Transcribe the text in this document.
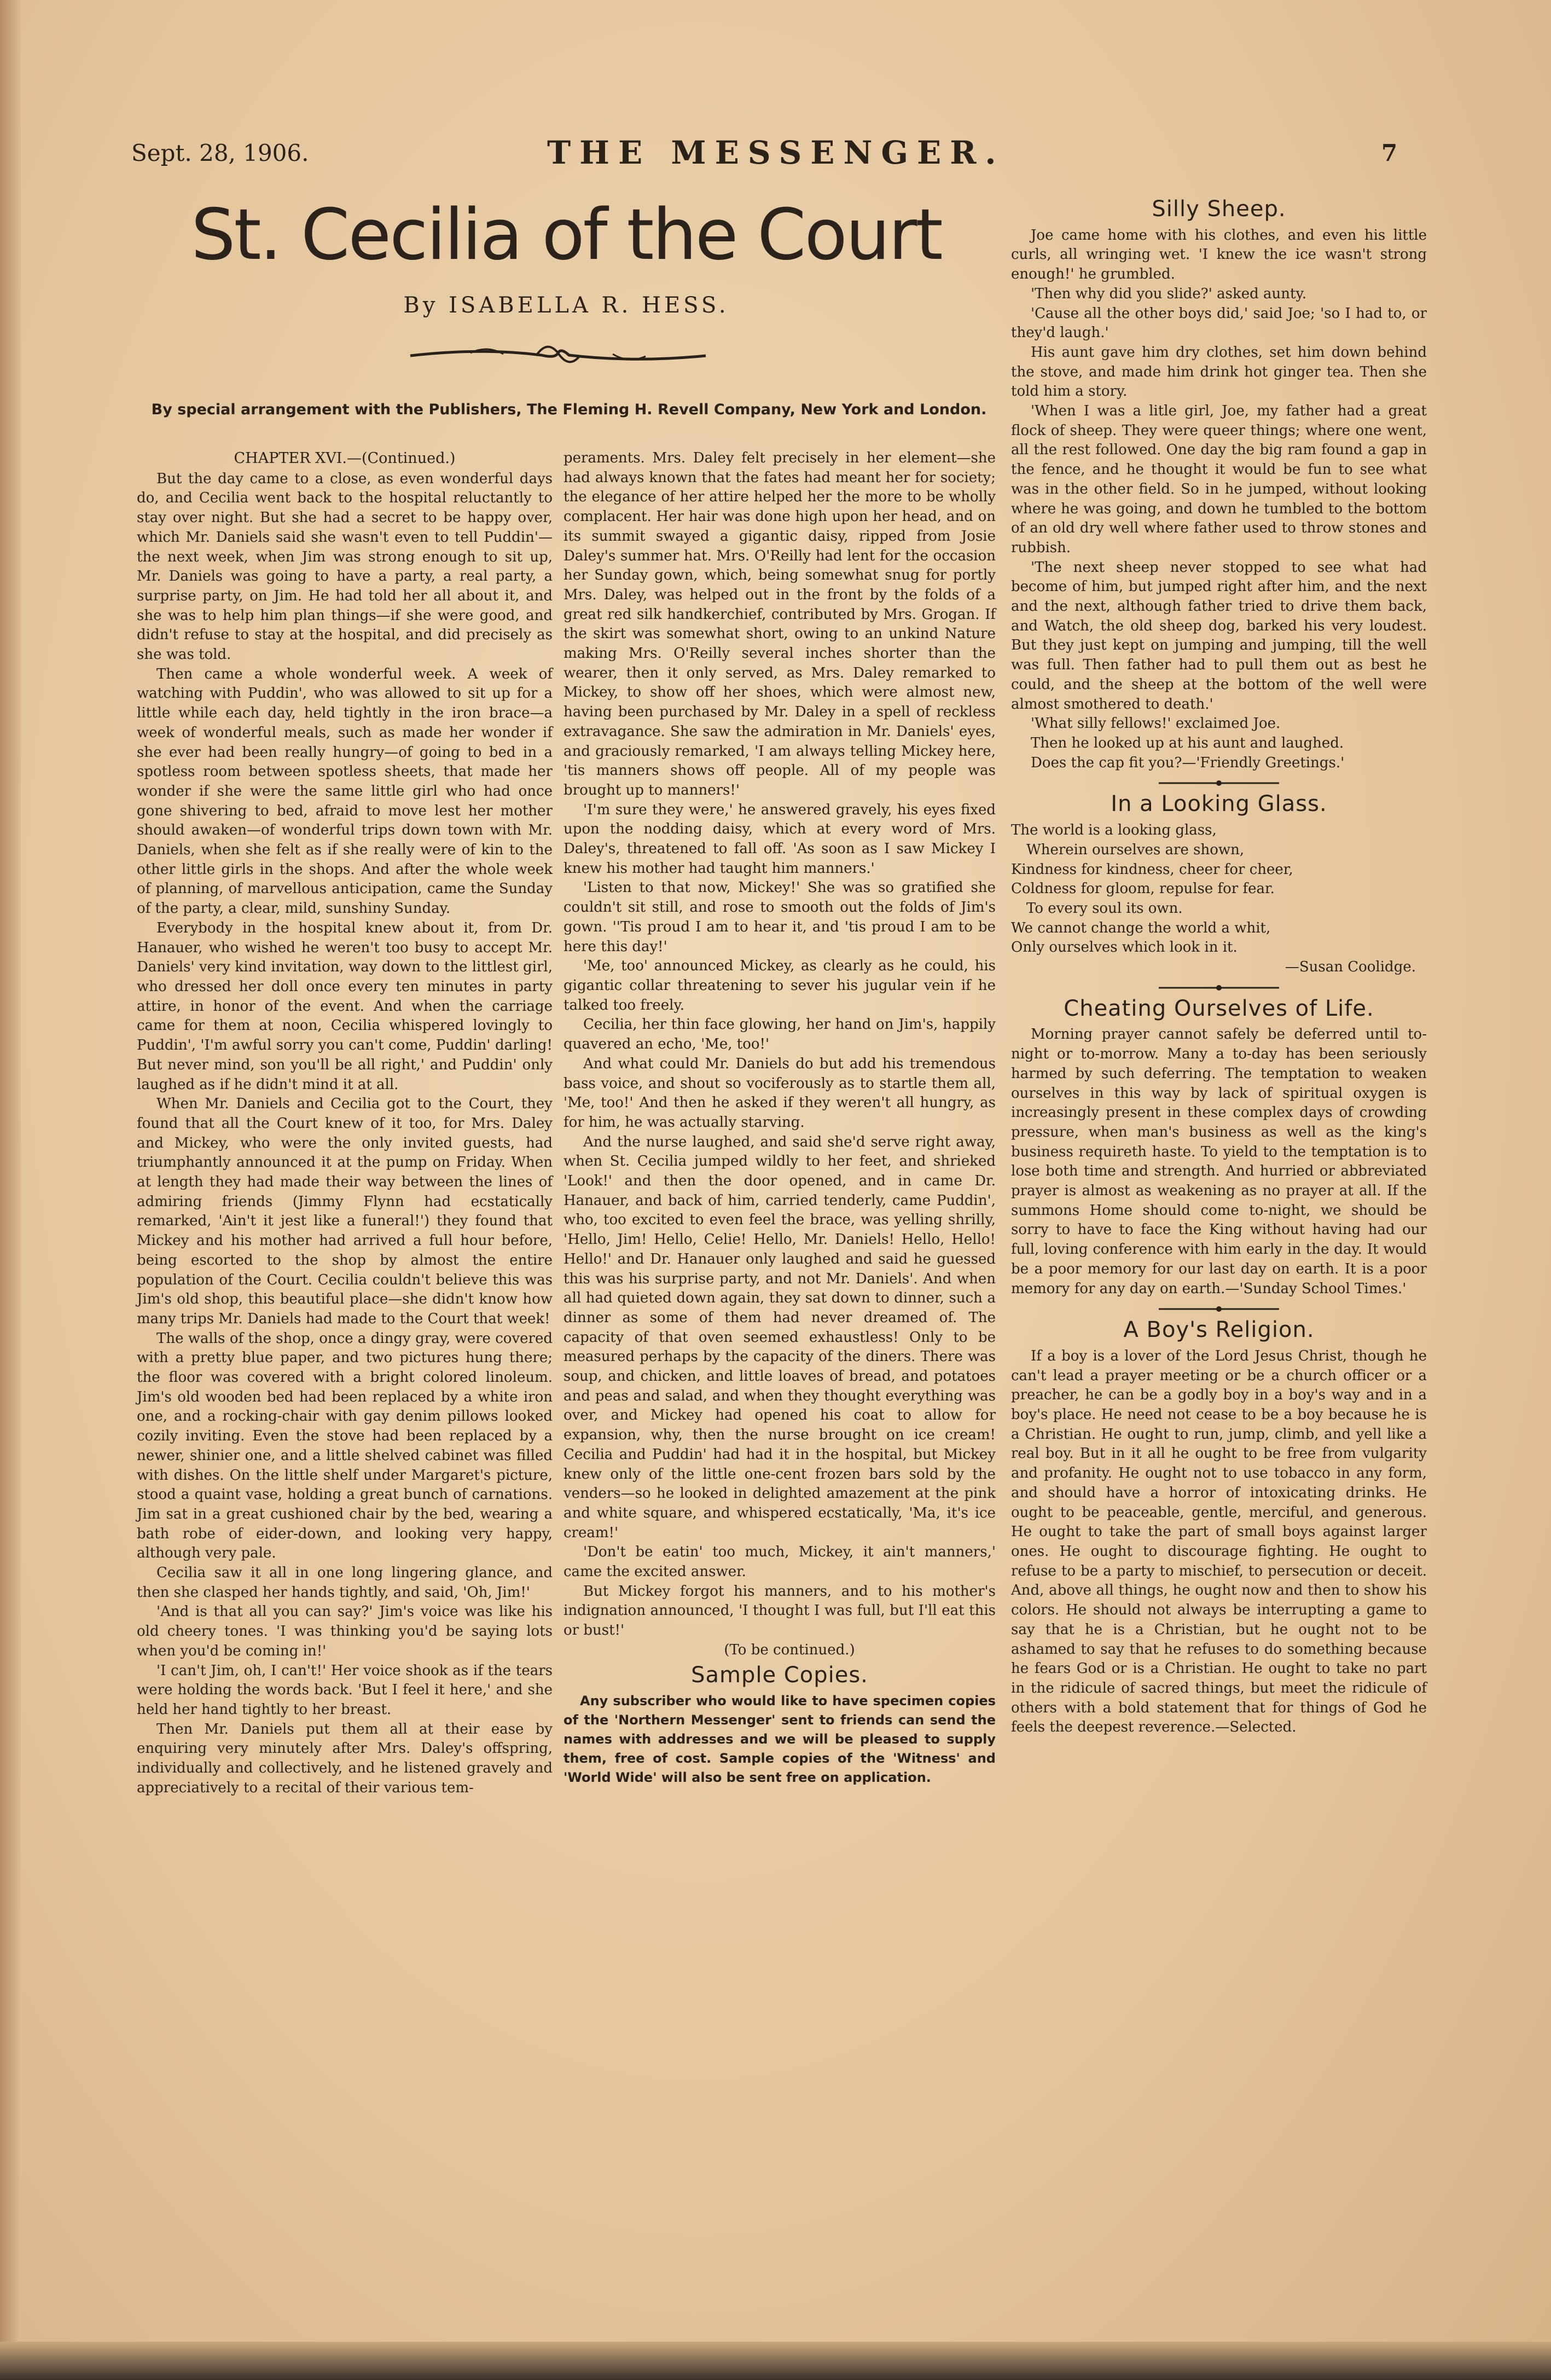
Sept. 28, 1906.	THE MESSENGER.	7
St. Cecilia of the Court
By ISABELLA R. HESS.
By special arrangement with the Publishers, The Fleming H. Revell Company, New York and London.

CHAPTER XVI.—(Continued.)

But the day came to a close, as even wonderful days do, and Cecilia went back to the hospital reluctantly to stay over night. But she had a secret to be happy over, which Mr. Daniels said she wasn't even to tell Puddin'—the next week, when Jim was strong enough to sit up, Mr. Daniels was going to have a party, a real party, a surprise party, on Jim. He had told her all about it, and she was to help him plan things—if she were good, and didn't refuse to stay at the hospital, and did precisely as she was told.

Then came a whole wonderful week. A week of watching with Puddin', who was allowed to sit up for a little while each day, held tightly in the iron brace—a week of wonderful meals, such as made her wonder if she ever had been really hungry—of going to bed in a spotless room between spotless sheets, that made her wonder if she were the same little girl who had once gone shivering to bed, afraid to move lest her mother should awaken—of wonderful trips down town with Mr. Daniels, when she felt as if she really were of kin to the other little girls in the shops. And after the whole week of planning, of marvellous anticipation, came the Sunday of the party, a clear, mild, sunshiny Sunday.

Everybody in the hospital knew about it, from Dr. Hanauer, who wished he weren't too busy to accept Mr. Daniels' very kind invitation, way down to the littlest girl, who dressed her doll once every ten minutes in party attire, in honor of the event. And when the carriage came for them at noon, Cecilia whispered lovingly to Puddin', 'I'm awful sorry you can't come, Puddin' darling! But never mind, son you'll be all right,' and Puddin' only laughed as if he didn't mind it at all.

When Mr. Daniels and Cecilia got to the Court, they found that all the Court knew of it too, for Mrs. Daley and Mickey, who were the only invited guests, had triumphantly announced it at the pump on Friday. When at length they had made their way between the lines of admiring friends (Jimmy Flynn had ecstatically remarked, 'Ain't it jest like a funeral!') they found that Mickey and his mother had arrived a full hour before, being escorted to the shop by almost the entire population of the Court. Cecilia couldn't believe this was Jim's old shop, this beautiful place—she didn't know how many trips Mr. Daniels had made to the Court that week!

The walls of the shop, once a dingy gray, were covered with a pretty blue paper, and two pictures hung there; the floor was covered with a bright colored linoleum. Jim's old wooden bed had been replaced by a white iron one, and a rocking-chair with gay denim pillows looked cozily inviting. Even the stove had been replaced by a newer, shinier one, and a little shelved cabinet was filled with dishes. On the little shelf under Margaret's picture, stood a quaint vase, holding a great bunch of carnations. Jim sat in a great cushioned chair by the bed, wearing a bath robe of eider-down, and looking very happy, although very pale.

Cecilia saw it all in one long lingering glance, and then she clasped her hands tightly, and said, 'Oh, Jim!'

'And is that all you can say?' Jim's voice was like his old cheery tones. 'I was thinking you'd be saying lots when you'd be coming in!'

'I can't Jim, oh, I can't!' Her voice shook as if the tears were holding the words back. 'But I feel it here,' and she held her hand tightly to her breast.

Then Mr. Daniels put them all at their ease by enquiring very minutely after Mrs. Daley's offspring, individually and collectively, and he listened gravely and appreciatively to a recital of their various tem-

peraments. Mrs. Daley felt precisely in her element—she had always known that the fates had meant her for society; the elegance of her attire helped her the more to be wholly complacent. Her hair was done high upon her head, and on its summit swayed a gigantic daisy, ripped from Josie Daley's summer hat. Mrs. O'Reilly had lent for the occasion her Sunday gown, which, being somewhat snug for portly Mrs. Daley, was helped out in the front by the folds of a great red silk handkerchief, contributed by Mrs. Grogan. If the skirt was somewhat short, owing to an unkind Nature making Mrs. O'Reilly several inches shorter than the wearer, then it only served, as Mrs. Daley remarked to Mickey, to show off her shoes, which were almost new, having been purchased by Mr. Daley in a spell of reckless extravagance. She saw the admiration in Mr. Daniels' eyes, and graciously remarked, 'I am always telling Mickey here, 'tis manners shows off people. All of my people was brought up to manners!'

'I'm sure they were,' he answered gravely, his eyes fixed upon the nodding daisy, which at every word of Mrs. Daley's, threatened to fall off. 'As soon as I saw Mickey I knew his mother had taught him manners.'

'Listen to that now, Mickey!' She was so gratified she couldn't sit still, and rose to smooth out the folds of Jim's gown. ''Tis proud I am to hear it, and 'tis proud I am to be here this day!'

'Me, too' announced Mickey, as clearly as he could, his gigantic collar threatening to sever his jugular vein if he talked too freely.

Cecilia, her thin face glowing, her hand on Jim's, happily quavered an echo, 'Me, too!'

And what could Mr. Daniels do but add his tremendous bass voice, and shout so vociferously as to startle them all, 'Me, too!' And then he asked if they weren't all hungry, as for him, he was actually starving.

And the nurse laughed, and said she'd serve right away, when St. Cecilia jumped wildly to her feet, and shrieked 'Look!' and then the door opened, and in came Dr. Hanauer, and back of him, carried tenderly, came Puddin', who, too excited to even feel the brace, was yelling shrilly, 'Hello, Jim! Hello, Celie! Hello, Mr. Daniels! Hello, Hello! Hello!' and Dr. Hanauer only laughed and said he guessed this was his surprise party, and not Mr. Daniels'. And when all had quieted down again, they sat down to dinner, such a dinner as some of them had never dreamed of. The capacity of that oven seemed exhaustless! Only to be measured perhaps by the capacity of the diners. There was soup, and chicken, and little loaves of bread, and potatoes and peas and salad, and when they thought everything was over, and Mickey had opened his coat to allow for expansion, why, then the nurse brought on ice cream! Cecilia and Puddin' had had it in the hospital, but Mickey knew only of the little one-cent frozen bars sold by the venders—so he looked in delighted amazement at the pink and white square, and whispered ecstatically, 'Ma, it's ice cream!'

'Don't be eatin' too much, Mickey, it ain't manners,' came the excited answer.

But Mickey forgot his manners, and to his mother's indignation announced, 'I thought I was full, but I'll eat this or bust!'

(To be continued.)

Sample Copies.

Any subscriber who would like to have specimen copies of the 'Northern Messenger' sent to friends can send the names with addresses and we will be pleased to supply them, free of cost. Sample copies of the 'Witness' and 'World Wide' will also be sent free on application.

Silly Sheep.

Joe came home with his clothes, and even his little curls, all wringing wet. 'I knew the ice wasn't strong enough!' he grumbled.

'Then why did you slide?' asked aunty.

'Cause all the other boys did,' said Joe; 'so I had to, or they'd laugh.'

His aunt gave him dry clothes, set him down behind the stove, and made him drink hot ginger tea. Then she told him a story.

'When I was a litle girl, Joe, my father had a great flock of sheep. They were queer things; where one went, all the rest followed. One day the big ram found a gap in the fence, and he thought it would be fun to see what was in the other field. So in he jumped, without looking where he was going, and down he tumbled to the bottom of an old dry well where father used to throw stones and rubbish.

'The next sheep never stopped to see what had become of him, but jumped right after him, and the next and the next, although father tried to drive them back, and Watch, the old sheep dog, barked his very loudest. But they just kept on jumping and jumping, till the well was full. Then father had to pull them out as best he could, and the sheep at the bottom of the well were almost smothered to death.'

'What silly fellows!' exclaimed Joe.

Then he looked up at his aunt and laughed.

Does the cap fit you?—'Friendly Greetings.'

In a Looking Glass.

The world is a looking glass,

Wherein ourselves are shown,

Kindness for kindness, cheer for cheer,

Coldness for gloom, repulse for fear.

To every soul its own.

We cannot change the world a whit,

Only ourselves which look in it.

—Susan Coolidge.

Cheating Ourselves of Life.

Morning prayer cannot safely be deferred until to-night or to-morrow. Many a to-day has been seriously harmed by such deferring. The temptation to weaken ourselves in this way by lack of spiritual oxygen is increasingly present in these complex days of crowding pressure, when man's business as well as the king's business requireth haste. To yield to the temptation is to lose both time and strength. And hurried or abbreviated prayer is almost as weakening as no prayer at all. If the summons Home should come to-night, we should be sorry to have to face the King without having had our full, loving conference with him early in the day. It would be a poor memory for our last day on earth. It is a poor memory for any day on earth.—'Sunday School Times.'

A Boy's Religion.

If a boy is a lover of the Lord Jesus Christ, though he can't lead a prayer meeting or be a church officer or a preacher, he can be a godly boy in a boy's way and in a boy's place. He need not cease to be a boy because he is a Christian. He ought to run, jump, climb, and yell like a real boy. But in it all he ought to be free from vulgarity and profanity. He ought not to use tobacco in any form, and should have a horror of intoxicating drinks. He ought to be peaceable, gentle, merciful, and generous. He ought to take the part of small boys against larger ones. He ought to discourage fighting. He ought to refuse to be a party to mischief, to persecution or deceit. And, above all things, he ought now and then to show his colors. He should not always be interrupting a game to say that he is a Christian, but he ought not to be ashamed to say that he refuses to do something because he fears God or is a Christian. He ought to take no part in the ridicule of sacred things, but meet the ridicule of others with a bold statement that for things of God he feels the deepest reverence.—Selected.
